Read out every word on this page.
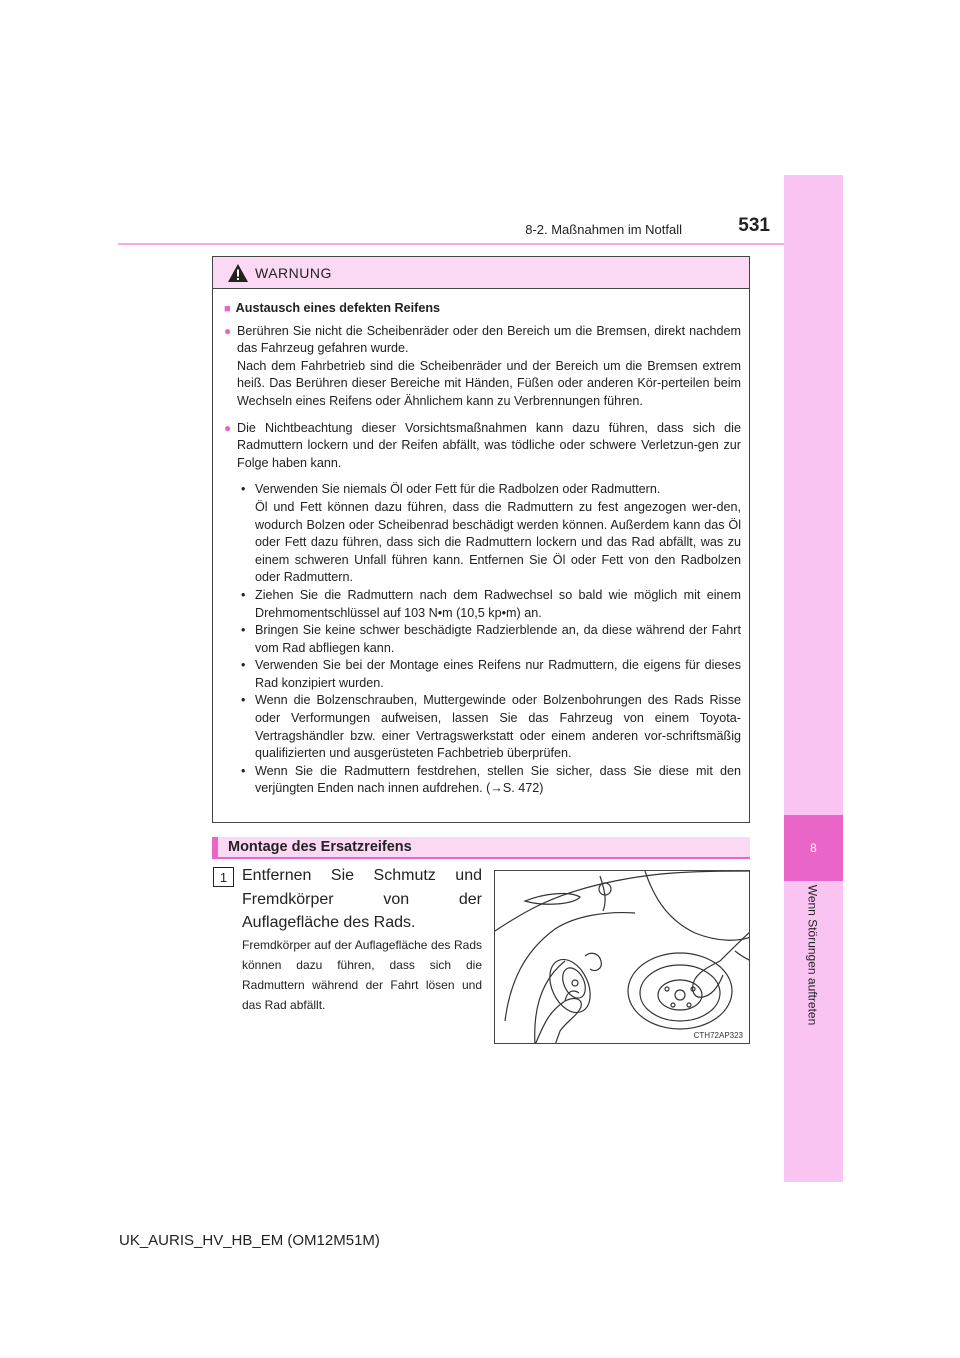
8
Wenn Störungen auftreten
8-2. Maßnahmen im Notfall	531
WARNUNG
■ Austausch eines defekten Reifens
● Berühren Sie nicht die Scheibenräder oder den Bereich um die Bremsen, direkt nachdem das Fahrzeug gefahren wurde.
Nach dem Fahrbetrieb sind die Scheibenräder und der Bereich um die Bremsen extrem heiß. Das Berühren dieser Bereiche mit Händen, Füßen oder anderen Kör-perteilen beim Wechseln eines Reifens oder Ähnlichem kann zu Verbrennungen führen.
● Die Nichtbeachtung dieser Vorsichtsmaßnahmen kann dazu führen, dass sich die Radmuttern lockern und der Reifen abfällt, was tödliche oder schwere Verletzun-gen zur Folge haben kann.
• Verwenden Sie niemals Öl oder Fett für die Radbolzen oder Radmuttern.
Öl und Fett können dazu führen, dass die Radmuttern zu fest angezogen wer-den, wodurch Bolzen oder Scheibenrad beschädigt werden können. Außerdem kann das Öl oder Fett dazu führen, dass sich die Radmuttern lockern und das Rad abfällt, was zu einem schweren Unfall führen kann. Entfernen Sie Öl oder Fett von den Radbolzen oder Radmuttern.
• Ziehen Sie die Radmuttern nach dem Radwechsel so bald wie möglich mit einem Drehmomentschlüssel auf 103 N•m (10,5 kp•m) an.
• Bringen Sie keine schwer beschädigte Radzierblende an, da diese während der Fahrt vom Rad abfliegen kann.
• Verwenden Sie bei der Montage eines Reifens nur Radmuttern, die eigens für dieses Rad konzipiert wurden.
• Wenn die Bolzenschrauben, Muttergewinde oder Bolzenbohrungen des Rads Risse oder Verformungen aufweisen, lassen Sie das Fahrzeug von einem Toyota-Vertragshändler bzw. einer Vertragswerkstatt oder einem anderen vor-schriftsmäßig qualifizierten und ausgerüsteten Fachbetrieb überprüfen.
• Wenn Sie die Radmuttern festdrehen, stellen Sie sicher, dass Sie diese mit den verjüngten Enden nach innen aufdrehen. (→S. 472)
Montage des Ersatzreifens
1 Entfernen Sie Schmutz und Fremdkörper von der Auflagefläche des Rads.
Fremdkörper auf der Auflagefläche des Rads können dazu führen, dass sich die Radmuttern während der Fahrt lösen und das Rad abfällt.
CTH72AP323
UK_AURIS_HV_HB_EM (OM12M51M)
